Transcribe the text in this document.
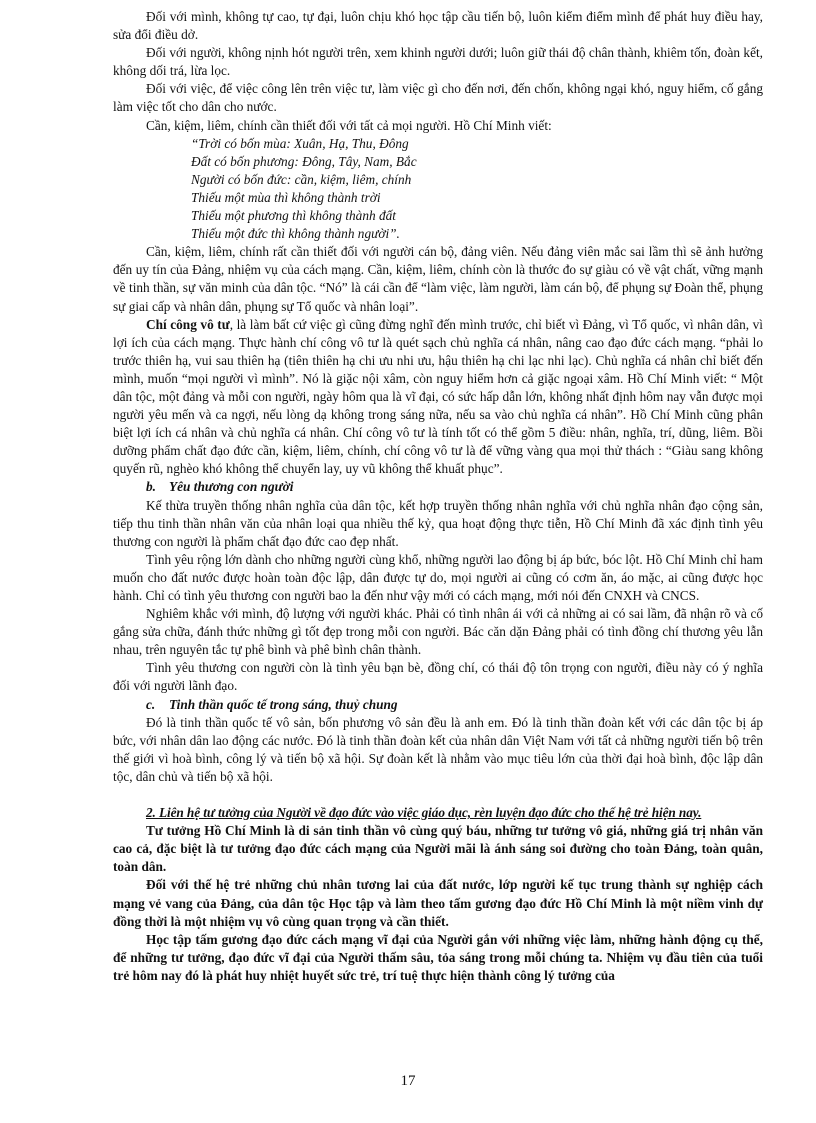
Đối với mình, không tự cao, tự đại, luôn chịu khó học tập cầu tiến bộ, luôn kiểm điểm mình để phát huy điều hay, sửa đổi điều dở.

Đối với người, không nịnh hót người trên, xem khinh người dưới; luôn giữ thái độ chân thành, khiêm tốn, đoàn kết, không dối trá, lừa lọc.

Đối với việc, để việc công lên trên việc tư, làm việc gì cho đến nơi, đến chốn, không ngại khó, nguy hiểm, cố gắng làm việc tốt cho dân cho nước.

Cần, kiệm, liêm, chính cần thiết đối với tất cả mọi người. Hồ Chí Minh viết:

“Trời có bốn mùa: Xuân, Hạ, Thu, Đông

Đất có bốn phương: Đông, Tây, Nam, Bắc

Người có bốn đức: cần, kiệm, liêm, chính

Thiếu một mùa thì không thành trời

Thiếu một phương thì không thành đất

Thiếu một đức thì không thành người”.

Cần, kiệm, liêm, chính rất cần thiết đối với người cán bộ, đảng viên. Nếu đảng viên mắc sai lầm thì sẽ ảnh hưởng đến uy tín của Đảng, nhiệm vụ của cách mạng. Cần, kiệm, liêm, chính còn là thước đo sự giàu có về vật chất, vững mạnh về tinh thần, sự văn minh của dân tộc. “Nó” là cái cần để “làm việc, làm người, làm cán bộ, để phụng sự Đoàn thể, phụng sự giai cấp và nhân dân, phụng sự Tổ quốc và nhân loại”.

Chí công vô tư, là làm bất cứ việc gì cũng đừng nghĩ đến mình trước, chỉ biết vì Đảng, vì Tổ quốc, vì nhân dân, vì lợi ích của cách mạng. Thực hành chí công vô tư là quét sạch chủ nghĩa cá nhân, nâng cao đạo đức cách mạng. “phải lo trước thiên hạ, vui sau thiên hạ (tiên thiên hạ chi ưu nhi ưu, hậu thiên hạ chi lạc nhi lạc). Chủ nghĩa cá nhân chỉ biết đến mình, muốn “mọi người vì mình”. Nó là giặc nội xâm, còn nguy hiểm hơn cả giặc ngoại xâm. Hồ Chí Minh viết: “ Một dân tộc, một đảng và mỗi con người, ngày hôm qua là vĩ đại, có sức hấp dẫn lớn, không nhất định hôm nay vẫn được mọi người yêu mến và ca ngợi, nếu lòng dạ không trong sáng nữa, nếu sa vào chủ nghĩa cá nhân”. Hồ Chí Minh cũng phân biệt lợi ích cá nhân và chủ nghĩa cá nhân. Chí công vô tư là tính tốt có thể gồm 5 điều: nhân, nghĩa, trí, dũng, liêm. Bồi dưỡng phẩm chất đạo đức cần, kiệm, liêm, chính, chí công vô tư là để vững vàng qua mọi thử thách : “Giàu sang không quyến rũ, nghèo khó không thể chuyển lay, uy vũ không thể khuất phục”.

b. Yêu thương con người

Kế thừa truyền thống nhân nghĩa của dân tộc, kết hợp truyền thống nhân nghĩa với chủ nghĩa nhân đạo cộng sản, tiếp thu tinh thần nhân văn của nhân loại qua nhiều thế kỷ, qua hoạt động thực tiễn, Hồ Chí Minh đã xác định tình yêu thương con người là phẩm chất đạo đức cao đẹp nhất.

Tình yêu rộng lớn dành cho những người cùng khổ, những người lao động bị áp bức, bóc lột. Hồ Chí Minh chỉ ham muốn cho đất nước được hoàn toàn độc lập, dân được tự do, mọi người ai cũng có cơm ăn, áo mặc, ai cũng được học hành. Chỉ có tình yêu thương con người bao la đến như vậy mới có cách mạng, mới nói đến CNXH và CNCS.

Nghiêm khắc với mình, độ lượng với người khác. Phải có tình nhân ái với cả những ai có sai lầm, đã nhận rõ và cố gắng sửa chữa, đánh thức những gì tốt đẹp trong mỗi con người. Bác căn dặn Đảng phải có tình đồng chí thương yêu lẫn nhau, trên nguyên tắc tự phê bình và phê bình chân thành.

Tình yêu thương con người còn là tình yêu bạn bè, đồng chí, có thái độ tôn trọng con người, điều này có ý nghĩa đối với người lãnh đạo.

c. Tinh thần quốc tế trong sáng, thuỷ chung

Đó là tinh thần quốc tế vô sản, bốn phương vô sản đều là anh em. Đó là tinh thần đoàn kết với các dân tộc bị áp bức, với nhân dân lao động các nước. Đó là tinh thần đoàn kết của nhân dân Việt Nam với tất cả những người tiến bộ trên thế giới vì hoà bình, công lý và tiến bộ xã hội. Sự đoàn kết là nhằm vào mục tiêu lớn của thời đại hoà bình, độc lập dân tộc, dân chủ và tiến bộ xã hội.

2. Liên hệ tư tưởng của Người về đạo đức vào việc giáo dục, rèn luyện đạo đức cho thế hệ trẻ hiện nay.

Tư tưởng Hồ Chí Minh là di sản tinh thần vô cùng quý báu, những tư tưởng vô giá, những giá trị nhân văn cao cả, đặc biệt là tư tưởng đạo đức cách mạng của Người mãi là ánh sáng soi đường cho toàn Đảng, toàn quân, toàn dân.

Đối với thế hệ trẻ những chủ nhân tương lai của đất nước, lớp người kế tục trung thành sự nghiệp cách mạng vẻ vang của Đảng, của dân tộc Học tập và làm theo tấm gương đạo đức Hồ Chí Minh là một niềm vinh dự đồng thời là một nhiệm vụ vô cùng quan trọng và cần thiết.

Học tập tấm gương đạo đức cách mạng vĩ đại của Người gắn với những việc làm, những hành động cụ thể, để những tư tưởng, đạo đức vĩ đại của Người thấm sâu, tỏa sáng trong mỗi chúng ta. Nhiệm vụ đầu tiên của tuổi trẻ hôm nay đó là phát huy nhiệt huyết sức trẻ, trí tuệ thực hiện thành công lý tưởng của

17
